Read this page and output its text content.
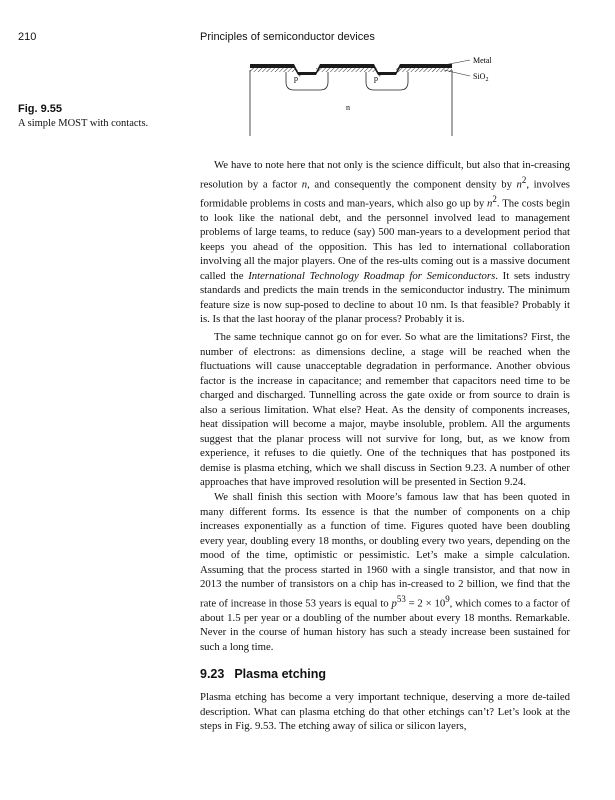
210	Principles of semiconductor devices
Metal
SiO$_2$
p+	p+
n
Fig. 9.55
A simple MOST with contacts.

We have to note here that not only is the science difficult, but also that in-creasing resolution by a factor n, and consequently the component density by $n^2$, involves formidable problems in costs and man-years, which also go up by $n^2$. The costs begin to look like the national debt, and the personnel involved lead to management problems of large teams, to reduce (say) 500 man-years to a development period that keeps you ahead of the opposition. This has led to international collaboration involving all the major players. One of the res-ults coming out is a massive document called the International Technology Roadmap for Semiconductors. It sets industry standards and predicts the main trends in the semiconductor industry. The minimum feature size is now sup-posed to decline to about 10 nm. Is that feasible? Probably it is. Is that the last hooray of the planar process? Probably it is.

The same technique cannot go on for ever. So what are the limitations? First, the number of electrons: as dimensions decline, a stage will be reached when the fluctuations will cause unacceptable degradation in performance. Another obvious factor is the increase in capacitance; and remember that capacitors need time to be charged and discharged. Tunnelling across the gate oxide or from source to drain is also a serious limitation. What else? Heat. As the density of components increases, heat dissipation will become a major, maybe insoluble, problem. All the arguments suggest that the planar process will not survive for long, but, as we know from experience, it refuses to die quietly. One of the techniques that has postponed its demise is plasma etching, which we shall discuss in Section 9.23. A number of other approaches that have improved resolution will be presented in Section 9.24.

We shall finish this section with Moore’s famous law that has been quoted in many different forms. Its essence is that the number of components on a chip increases exponentially as a function of time. Figures quoted have been doubling every year, doubling every 18 months, or doubling every two years, depending on the mood of the time, optimistic or pessimistic. Let’s make a simple calculation. Assuming that the process started in 1960 with a single transistor, and that now in 2013 the number of transistors on a chip has in-creased to 2 billion, we find that the rate of increase in those 53 years is equal to $p^{53} = 2 \times 10^9$, which comes to a factor of about 1.5 per year or a doubling of the number about every 18 months. Remarkable. Never in the course of human history has such a steady increase been sustained for such a long time.

9.23 Plasma etching

Plasma etching has become a very important technique, deserving a more de-tailed description. What can plasma etching do that other etchings can’t? Let’s look at the steps in Fig. 9.53. The etching away of silica or silicon layers,
